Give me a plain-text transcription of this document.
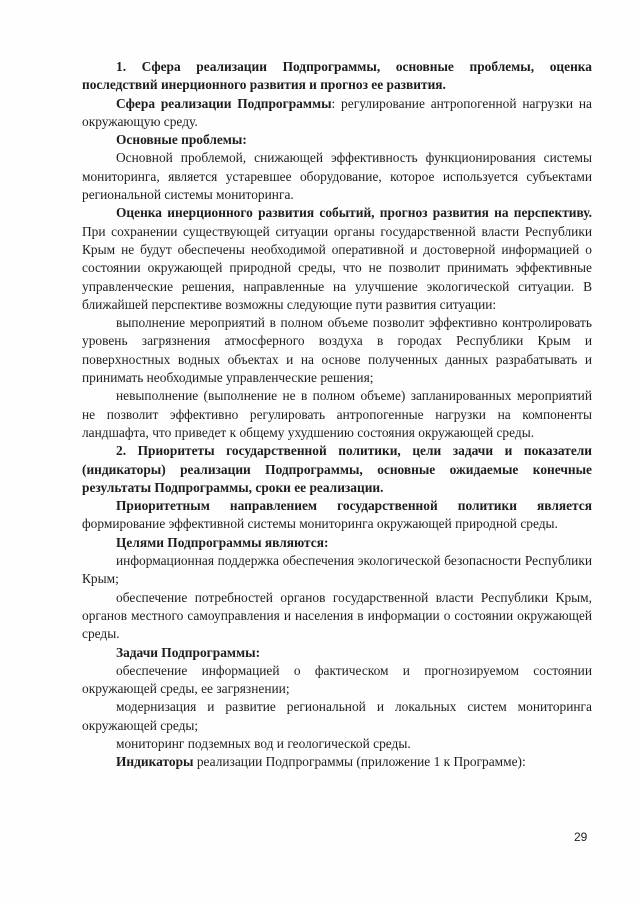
1. Сфера реализации Подпрограммы, основные проблемы, оценка последствий инерционного развития и прогноз ее развития.

Сфера реализации Подпрограммы: регулирование антропогенной нагрузки на окружающую среду.

Основные проблемы:

Основной проблемой, снижающей эффективность функционирования системы мониторинга, является устаревшее оборудование, которое используется субъектами региональной системы мониторинга.

Оценка инерционного развития событий, прогноз развития на перспективу. При сохранении существующей ситуации органы государственной власти Республики Крым не будут обеспечены необходимой оперативной и достоверной информацией о состоянии окружающей природной среды, что не позволит принимать эффективные управленческие решения, направленные на улучшение экологической ситуации. В ближайшей перспективе возможны следующие пути развития ситуации:

выполнение мероприятий в полном объеме позволит эффективно контролировать уровень загрязнения атмосферного воздуха в городах Республики Крым и поверхностных водных объектах и на основе полученных данных разрабатывать и принимать необходимые управленческие решения;

невыполнение (выполнение не в полном объеме) запланированных мероприятий не позволит эффективно регулировать антропогенные нагрузки на компоненты ландшафта, что приведет к общему ухудшению состояния окружающей среды.

2. Приоритеты государственной политики, цели задачи и показатели (индикаторы) реализации Подпрограммы, основные ожидаемые конечные результаты Подпрограммы, сроки ее реализации.

Приоритетным направлением государственной политики является формирование эффективной системы мониторинга окружающей природной среды.

Целями Подпрограммы являются:

информационная поддержка обеспечения экологической безопасности Республики Крым;

обеспечение потребностей органов государственной власти Республики Крым, органов местного самоуправления и населения в информации о состоянии окружающей среды.

Задачи Подпрограммы:

обеспечение информацией о фактическом и прогнозируемом состоянии окружающей среды, ее загрязнении;

модернизация и развитие региональной и локальных систем мониторинга окружающей среды;

мониторинг подземных вод и геологической среды.

Индикаторы реализации Подпрограммы (приложение 1 к Программе):

29
